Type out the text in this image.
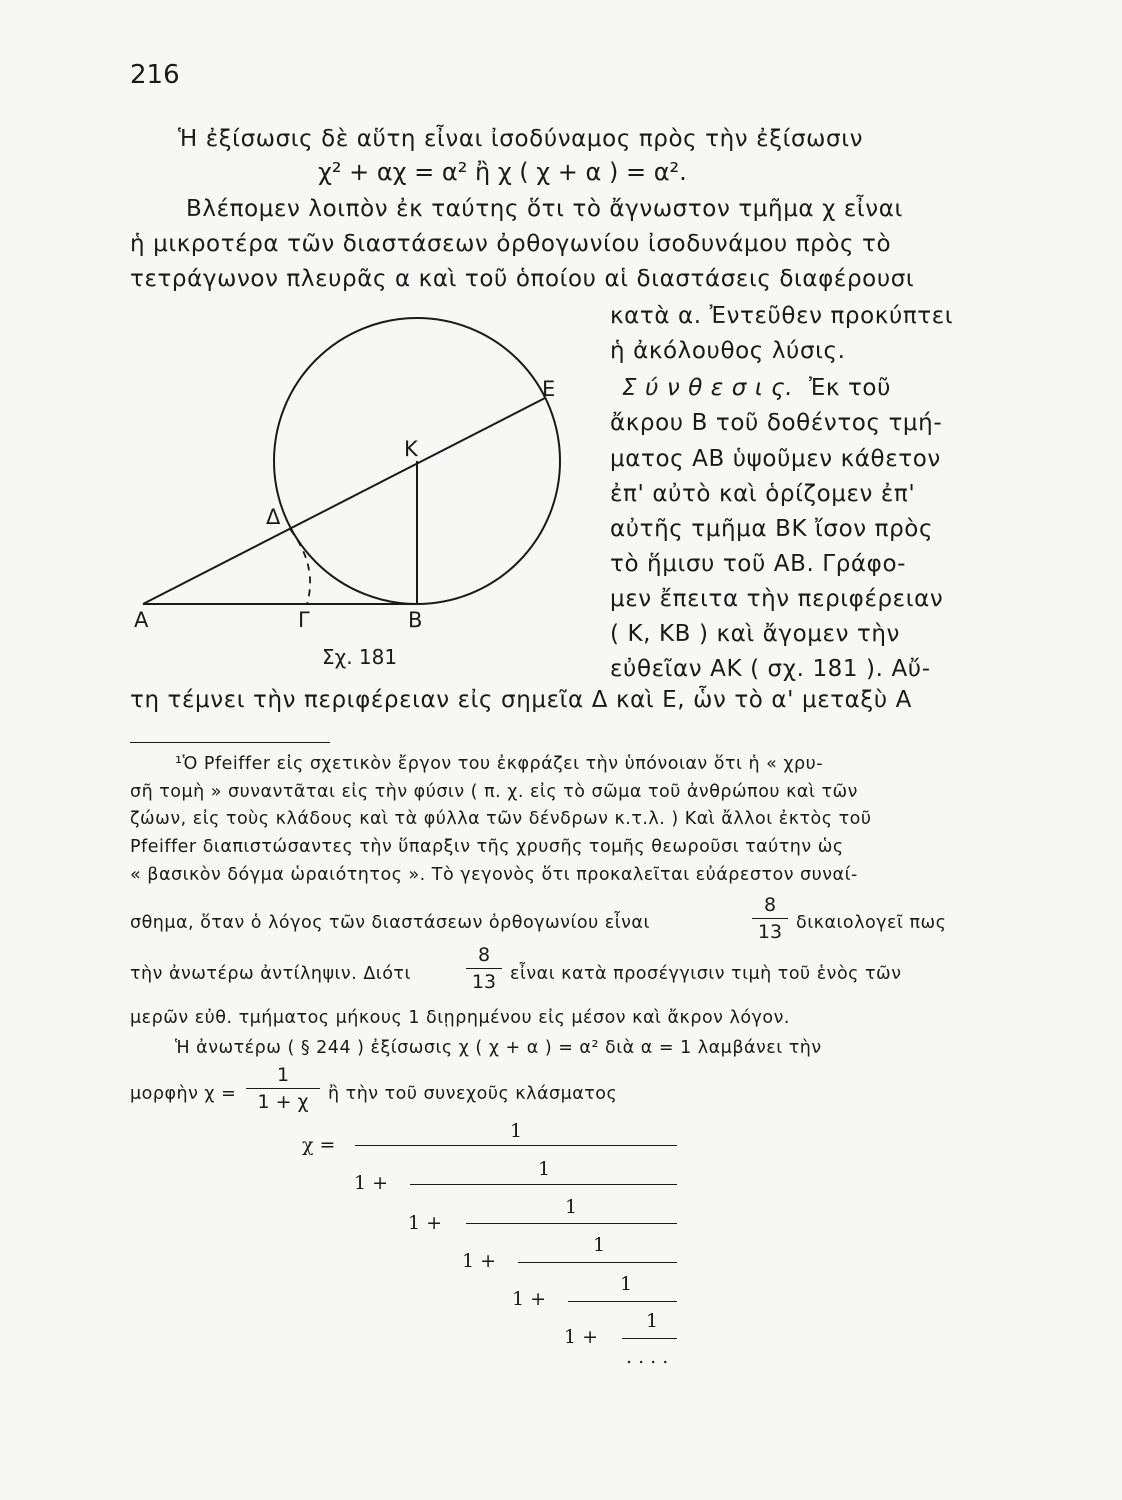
216
Ἡ ἐξίσωσις δὲ αὕτη εἶναι ἰσοδύναμος πρὸς τὴν ἐξίσωσιν
χ² + αχ = α² ἢ χ ( χ + α ) = α².
Βλέπομεν λοιπὸν ἐκ ταύτης ὅτι τὸ ἄγνωστον τμῆμα χ εἶναι
ἡ μικροτέρα τῶν διαστάσεων ὀρθογωνίου ἰσοδυνάμου πρὸς τὸ
τετράγωνον πλευρᾶς α καὶ τοῦ ὁποίου αἱ διαστάσεις διαφέρουσι
κατὰ α. Ἐντεῦθεν προκύπτει
ἡ ἀκόλουθος λύσις.
Σ ύ ν θ ε σ ι ς. Ἐκ τοῦ
ἄκρου Β τοῦ δοθέντος τμή-
ματος ΑΒ ὑψοῦμεν κάθετον
ἐπ' αὐτὸ καὶ ὁρίζομεν ἐπ'
αὐτῆς τμῆμα ΒΚ ἴσον πρὸς
τὸ ἥμισυ τοῦ ΑΒ. Γράφο-
μεν ἔπειτα τὴν περιφέρειαν
( Κ, ΚΒ ) καὶ ἄγομεν τὴν
εὐθεῖαν ΑΚ ( σχ. 181 ). Αὔ-
Α	Γ	Β
Δ
Κ
Ε
Σχ. 181
τη τέμνει τὴν περιφέρειαν εἰς σημεῖα Δ καὶ Ε, ὧν τὸ α' μεταξὺ Α
¹Ὁ Pfeiffer εἰς σχετικὸν ἔργον του ἐκφράζει τὴν ὑπόνοιαν ὅτι ἡ « χρυ-
σῆ τομὴ » συναντᾶται εἰς τὴν φύσιν ( π. χ. εἰς τὸ σῶμα τοῦ ἀνθρώπου καὶ τῶν
ζώων, εἰς τοὺς κλάδους καὶ τὰ φύλλα τῶν δένδρων κ.τ.λ. ) Καὶ ἄλλοι ἐκτὸς τοῦ
Pfeiffer διαπιστώσαντες τὴν ὕπαρξιν τῆς χρυσῆς τομῆς θεωροῦσι ταύτην ὡς
« βασικὸν δόγμα ὡραιότητος ». Τὸ γεγονὸς ὅτι προκαλεῖται εὐάρεστον συναί-
σθημα, ὅταν ὁ λόγος τῶν διαστάσεων ὀρθογωνίου εἶναι
8
13 δικαιολογεῖ πως
τὴν ἀνωτέρω ἀντίληψιν. Διότι
8
13 εἶναι κατὰ προσέγγισιν τιμὴ τοῦ ἑνὸς τῶν
μερῶν εὐθ. τμήματος μήκους 1 διῃρημένου εἰς μέσον καὶ ἄκρον λόγον.
Ἡ ἀνωτέρω ( § 244 ) ἐξίσωσις χ ( χ + α ) = α² διὰ α = 1 λαμβάνει τὴν
μορφὴν χ =
1
1 + χ	ἢ τὴν τοῦ συνεχοῦς κλάσματος
χ =
1
1 +
1
1 +
1
1 +
1
1 +
1
1 +
1
. . . .
